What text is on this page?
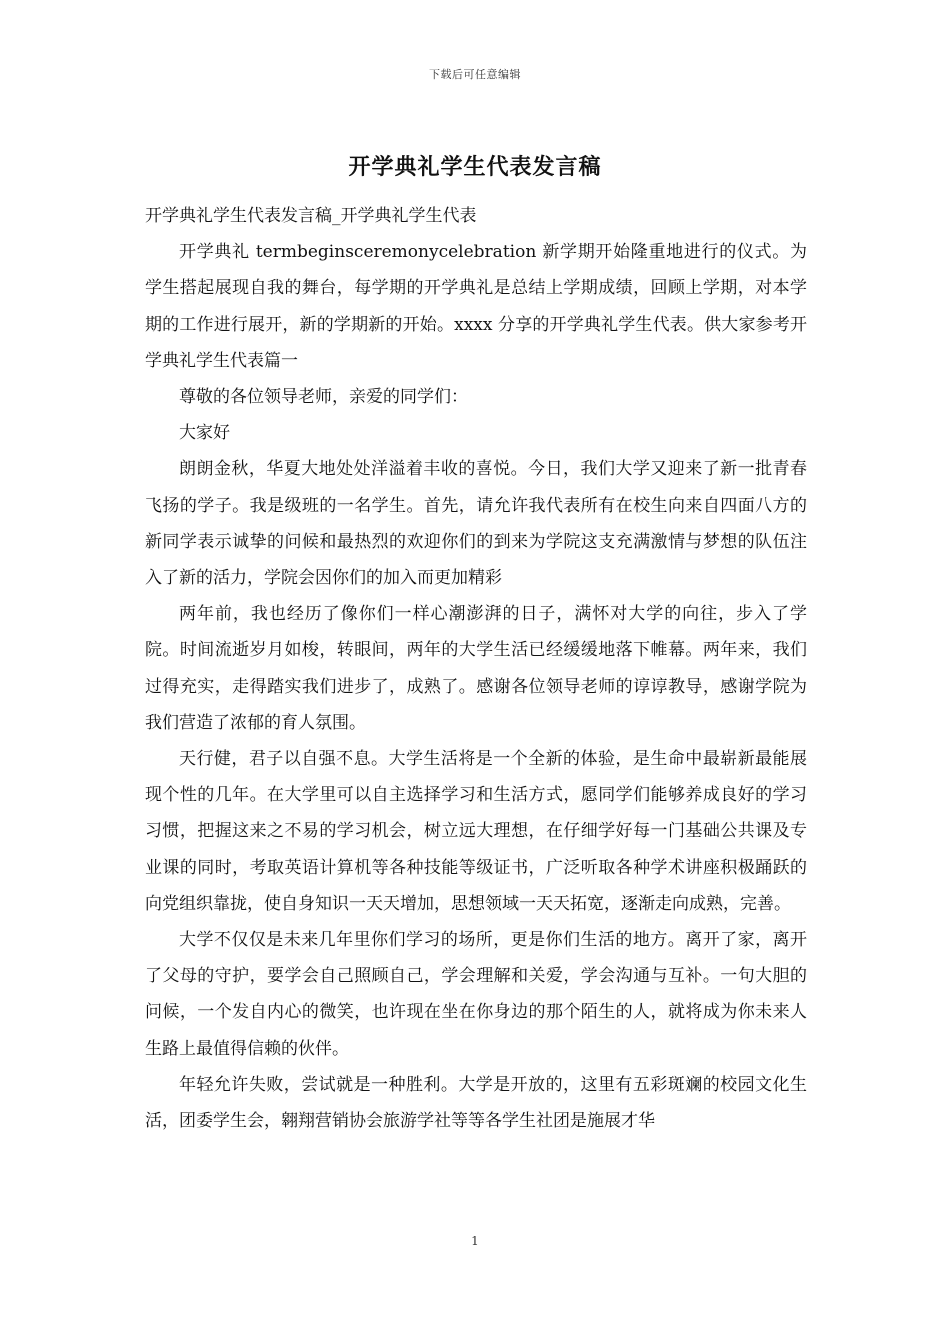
下载后可任意编辑
开学典礼学生代表发言稿

开学典礼学生代表发言稿_开学典礼学生代表

开学典礼 termbeginsceremonycelebration 新学期开始隆重地进行的仪式。为学生搭起展现自我的舞台，每学期的开学典礼是总结上学期成绩，回顾上学期，对本学期的工作进行展开，新的学期新的开始。xxxx 分享的开学典礼学生代表。供大家参考开学典礼学生代表篇一

尊敬的各位领导老师，亲爱的同学们：

大家好

朗朗金秋，华夏大地处处洋溢着丰收的喜悦。今日，我们大学又迎来了新一批青春飞扬的学子。我是级班的一名学生。首先，请允许我代表所有在校生向来自四面八方的新同学表示诚挚的问候和最热烈的欢迎你们的到来为学院这支充满激情与梦想的队伍注入了新的活力，学院会因你们的加入而更加精彩

两年前，我也经历了像你们一样心潮澎湃的日子，满怀对大学的向往，步入了学院。时间流逝岁月如梭，转眼间，两年的大学生活已经缓缓地落下帷幕。两年来，我们过得充实，走得踏实我们进步了，成熟了。感谢各位领导老师的谆谆教导，感谢学院为我们营造了浓郁的育人氛围。

天行健，君子以自强不息。大学生活将是一个全新的体验，是生命中最崭新最能展现个性的几年。在大学里可以自主选择学习和生活方式，愿同学们能够养成良好的学习习惯，把握这来之不易的学习机会，树立远大理想，在仔细学好每一门基础公共课及专业课的同时，考取英语计算机等各种技能等级证书，广泛听取各种学术讲座积极踊跃的向党组织靠拢，使自身知识一天天增加，思想领域一天天拓宽，逐渐走向成熟，完善。

大学不仅仅是未来几年里你们学习的场所，更是你们生活的地方。离开了家，离开了父母的守护，要学会自己照顾自己，学会理解和关爱，学会沟通与互补。一句大胆的问候，一个发自内心的微笑，也许现在坐在你身边的那个陌生的人，就将成为你未来人生路上最值得信赖的伙伴。

年轻允许失败，尝试就是一种胜利。大学是开放的，这里有五彩斑斓的校园文化生活，团委学生会，翱翔营销协会旅游学社等等各学生社团是施展才华

1
